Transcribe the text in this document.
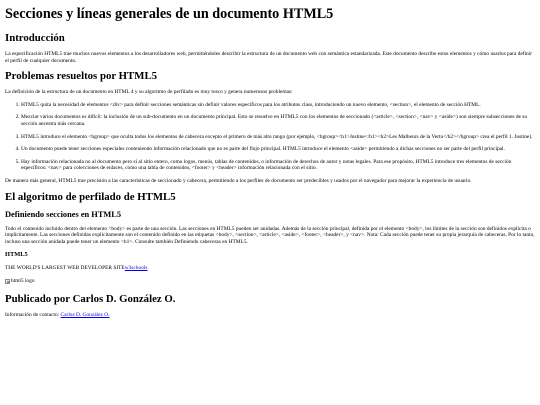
Secciones y líneas generales de un documento HTML5
Introducción

La especificación HTML5 trae muchos nuevos elementos a los desarrolladores web, permitiéndoles describir la estructura de un documento web con semántica estandarizada. Este documento describe estos elementos y cómo usarlos para definir el perfil de cualquier documento.

Problemas resueltos por HTML5

La definición de la estructura de un documento en HTML 4 y su algoritmo de perfilado es muy tosco y genera numerosos problemas:

1. HTML5 quita la necesidad de elementos <div> para definir secciones semánticas sin definir valores específicos para los atributos class, introduciendo un nuevo elemento, <section>, el elemento de sección HTML.
2. Mezclar varios documentos es difícil: la inclusión de un sub-documento en un documento principal. Esto se resuelve en HTML5 con los elementos de seccionado (<article>, <section>, <nav> y <aside>) son siempre subsecciones de su sección ancestra más cercana.
3. HTML5 introduce el elemento <hgroup> que oculta todos los elementos de cabecera excepto el primero de más alto rango (por ejemplo, <hgroup><h1>Justine</h1><h2>Les Malheurs de la Vertu</h2></hgroup> crea el perfil 1. Justine).
4. Un documento puede tener secciones especiales conteniendo información relacionado que no es parte del flujo principal. HTML5 introduce el elemento <aside> permitiendo a dichas secciones no ser parte del perfil principal.
5. Hay información relacionada no al documento pero sí al sitio entero, como logos, menús, tablas de contenidos, o información de derechos de autor y notas legales. Para ese propósito, HTML5 introduce tres elementos de sección específicos: <nav> para colecciones de enlaces, como una tabla de contenidos, <footer> y <header> información relacionada con el sitio.

De manera más general, HTML5 trae precisión a las características de seccionado y cabecera, permitiendo a los perfiles de documento ser predecibles y usados por el navegador para mejorar la experiencia de usuario.

El algoritmo de perfilado de HTML5
Definiendo secciones en HTML5

Todo el contenido incluido dentro del elemento <body> es parte de una sección. Las secciones en HTML5 pueden ser anidadas. Además de la sección principal, definida por el elemento <body>, los límites de la sección son definidos explícita o implícitamente. Las secciones definidas explícitamente son el contenido definido en las etiquetas <body>, <section>, <article>, <aside>, <footer>, <header>, y <nav>. Nota: Cada sección puede tener su propia jerarquía de cabeceras. Por lo tanto, incluso una sección anidada puede tener un elemento <h1>. Consulte también Definiendo cabeceras en HTML5.

HTML5

THE WORLD'S LARGEST WEB DEVELOPER SITEw3schools

html5 logo
Publicado por Carlos D. González O.

Información de contacto: Carlos D. González O.
